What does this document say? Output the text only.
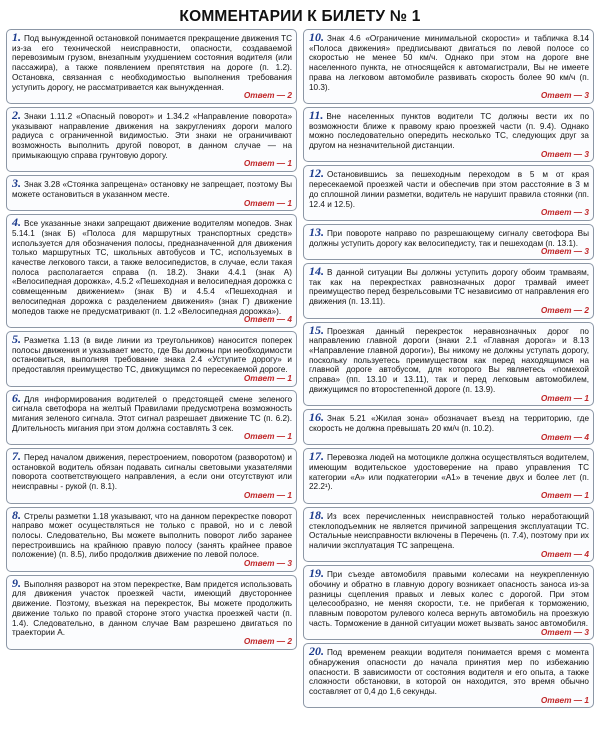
КОММЕНТАРИИ К БИЛЕТУ № 1
1. Под вынужденной остановкой понимается прекращение движения ТС из-за его технической неисправности, опасности, создаваемой перевозимым грузом, внезапным ухудшением состояния водителя (или пассажира), а также появлением препятствия на дороге (п. 1.2). Остановка, связанная с необходимостью выполнения требования уступить дорогу, не рассматривается как вынужденная.
Ответ — 2
2. Знаки 1.11.2 «Опасный поворот» и 1.34.2 «Направление поворота» указывают направление движения на закруглениях дороги малого радиуса с ограниченной видимостью. Эти знаки не ограничивают возможность выполнить другой поворот, в данном случае — на примыкающую справа грунтовую дорогу.
Ответ — 1
3. Знак 3.28 «Стоянка запрещена» остановку не запрещает, поэтому Вы можете остановиться в указанном месте.
Ответ — 1
4. Все указанные знаки запрещают движение водителям мопедов. Знак 5.14.1 (знак Б) «Полоса для маршрутных транспортных средств» используется для обозначения полосы, предназначенной для движения только маршрутных ТС, школьных автобусов и ТС, используемых в качестве легкового такси, а также велосипедистов, в случае, если такая полоса располагается справа (п. 18.2). Знаки 4.4.1 (знак А) «Велосипедная дорожка», 4.5.2 «Пешеходная и велосипедная дорожка с совмещенным движением» (знак В) и 4.5.4 «Пешеходная и велосипедная дорожка с разделением движения» (знак Г) движение мопедов также не предусматривают (п. 1.2 «Велосипедная дорожка»).
Ответ — 4
5. Разметка 1.13 (в виде линии из треугольников) наносится поперек полосы движения и указывает место, где Вы должны при необходимости остановиться, выполняя требование знака 2.4 «Уступите дорогу» и предоставляя преимущество ТС, движущимся по пересекаемой дороге.
Ответ — 1
6. Для информирования водителей о предстоящей смене зеленого сигнала светофора на желтый Правилами предусмотрена возможность мигания зеленого сигнала. Этот сигнал разрешает движение ТС (п. 6.2). Длительность мигания при этом должна составлять 3 сек.
Ответ — 1
7. Перед началом движения, перестроением, поворотом (разворотом) и остановкой водитель обязан подавать сигналы световыми указателями поворота соответствующего направления, а если они отсутствуют или неисправны - рукой (п. 8.1).
Ответ — 1
8. Стрелы разметки 1.18 указывают, что на данном перекрестке поворот направо может осуществляться не только с правой, но и с левой полосы. Следовательно, Вы можете выполнить поворот либо заранее перестроившись на крайнюю правую полосу (занять крайнее правое положение) (п. 8.5), либо продолжив движение по левой полосе.
Ответ — 3
9. Выполняя разворот на этом перекрестке, Вам придется использовать для движения участок проезжей части, имеющий двустороннее движение. Поэтому, въезжая на перекресток, Вы можете продолжить движение только по правой стороне этого участка проезжей части (п. 1.4). Следовательно, в данном случае Вам разрешено двигаться по траектории А.
Ответ — 2
10. Знак 4.6 «Ограничение минимальной скорости» и табличка 8.14 «Полоса движения» предписывают двигаться по левой полосе со скоростью не менее 50 км/ч. Однако при этом на дороге вне населенного пункта, не относящейся к автомагистрали, Вы не имеете права на легковом автомобиле развивать скорость более 90 км/ч (п. 10.3).
Ответ — 3
11. Вне населенных пунктов водители ТС должны вести их по возможности ближе к правому краю проезжей части (п. 9.4). Однако можно последовательно опередить несколько ТС, следующих друг за другом на незначительной дистанции.
Ответ — 3
12. Остановившись за пешеходным переходом в 5 м от края пересекаемой проезжей части и обеспечив при этом расстояние в 3 м до сплошной линии разметки, водитель не нарушит правила стоянки (пп. 12.4 и 12.5).
Ответ — 3
13. При повороте направо по разрешающему сигналу светофора Вы должны уступить дорогу как велосипедисту, так и пешеходам (п. 13.1).
Ответ — 3
14. В данной ситуации Вы должны уступить дорогу обоим трамваям, так как на перекрестках равнозначных дорог трамвай имеет преимущество перед безрельсовыми ТС независимо от направления его движения (п. 13.11).
Ответ — 2
15. Проезжая данный перекресток неравнозначных дорог по направлению главной дороги (знаки 2.1 «Главная дорога» и 8.13 «Направление главной дороги»), Вы никому не должны уступать дорогу, поскольку пользуетесь преимуществом как перед находящимся на главной дороге автобусом, для которого Вы являетесь «помехой справа» (пп. 13.10 и 13.11), так и перед легковым автомобилем, движущимся по второстепенной дороге (п. 13.9).
Ответ — 1
16. Знак 5.21 «Жилая зона» обозначает въезд на территорию, где скорость не должна превышать 20 км/ч (п. 10.2).
Ответ — 4
17. Перевозка людей на мотоцикле должна осуществляться водителем, имеющим водительское удостоверение на право управления ТС категории «А» или подкатегории «А1» в течение двух и более лет (п. 22.2¹).
Ответ — 1
18. Из всех перечисленных неисправностей только неработающий стеклоподъемник не является причиной запрещения эксплуатации ТС. Остальные неисправности включены в Перечень (п. 7.4), поэтому при их наличии эксплуатация ТС запрещена.
Ответ — 4
19. При съезде автомобиля правыми колесами на неукрепленную обочину и обратно в главную дорогу возникает опасность заноса из-за разницы сцепления правых и левых колес с дорогой. При этом целесообразно, не меняя скорости, т.е. не прибегая к торможению, плавным поворотом рулевого колеса вернуть автомобиль на проезжую часть. Торможение в данной ситуации может вызвать занос автомобиля.
Ответ — 3
20. Под временем реакции водителя понимается время с момента обнаружения опасности до начала принятия мер по избежанию опасности. В зависимости от состояния водителя и его опыта, а также сложности обстановки, в которой он находится, это время обычно составляет от 0,4 до 1,6 секунды.
Ответ — 1
